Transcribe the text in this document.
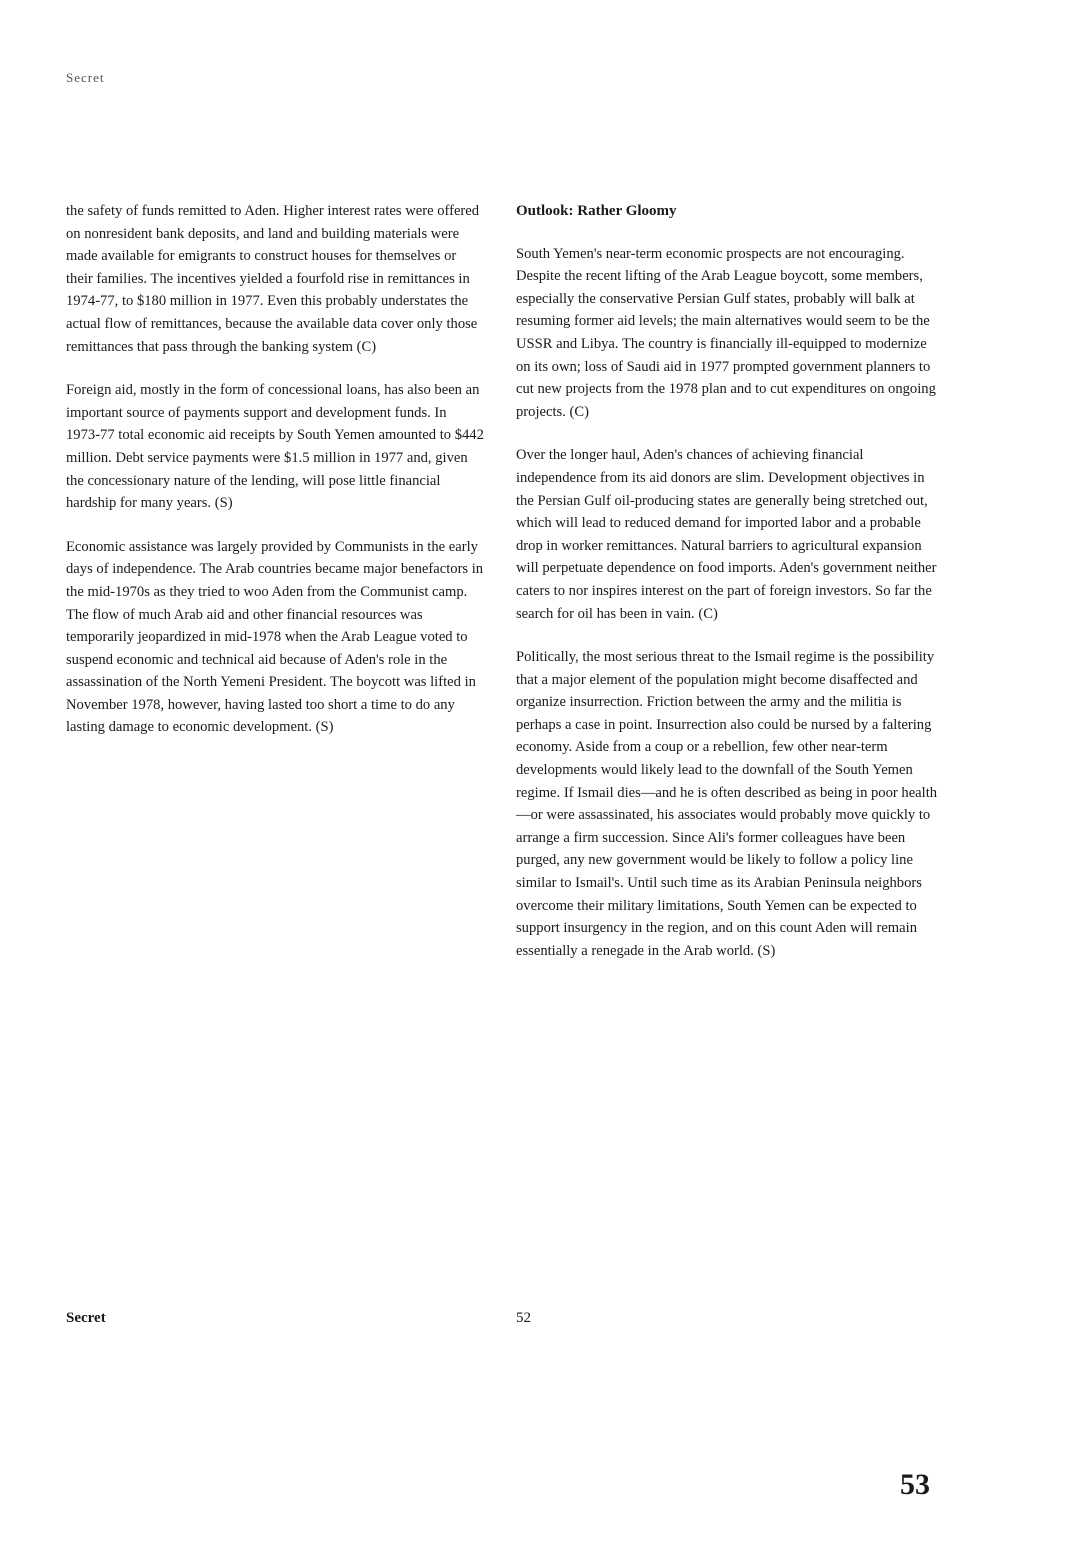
Secret

the safety of funds remitted to Aden. Higher interest rates were offered on nonresident bank deposits, and land and building materials were made available for emigrants to construct houses for themselves or their families. The incentives yielded a fourfold rise in remittances in 1974-77, to $180 million in 1977. Even this probably understates the actual flow of remittances, because the available data cover only those remittances that pass through the banking system (C)

Foreign aid, mostly in the form of concessional loans, has also been an important source of payments support and development funds. In 1973-77 total economic aid receipts by South Yemen amounted to $442 million. Debt service payments were $1.5 million in 1977 and, given the concessionary nature of the lending, will pose little financial hardship for many years. (S)

Economic assistance was largely provided by Communists in the early days of independence. The Arab countries became major benefactors in the mid-1970s as they tried to woo Aden from the Communist camp. The flow of much Arab aid and other financial resources was temporarily jeopardized in mid-1978 when the Arab League voted to suspend economic and technical aid because of Aden's role in the assassination of the North Yemeni President. The boycott was lifted in November 1978, however, having lasted too short a time to do any lasting damage to economic development. (S)

Outlook: Rather Gloomy

South Yemen's near-term economic prospects are not encouraging. Despite the recent lifting of the Arab League boycott, some members, especially the conservative Persian Gulf states, probably will balk at resuming former aid levels; the main alternatives would seem to be the USSR and Libya. The country is financially ill-equipped to modernize on its own; loss of Saudi aid in 1977 prompted government planners to cut new projects from the 1978 plan and to cut expenditures on ongoing projects. (C)

Over the longer haul, Aden's chances of achieving financial independence from its aid donors are slim. Development objectives in the Persian Gulf oil-producing states are generally being stretched out, which will lead to reduced demand for imported labor and a probable drop in worker remittances. Natural barriers to agricultural expansion will perpetuate dependence on food imports. Aden's government neither caters to nor inspires interest on the part of foreign investors. So far the search for oil has been in vain. (C)

Politically, the most serious threat to the Ismail regime is the possibility that a major element of the population might become disaffected and organize insurrection. Friction between the army and the militia is perhaps a case in point. Insurrection also could be nursed by a faltering economy. Aside from a coup or a rebellion, few other near-term developments would likely lead to the downfall of the South Yemen regime. If Ismail dies—and he is often described as being in poor health—or were assassinated, his associates would probably move quickly to arrange a firm succession. Since Ali's former colleagues have been purged, any new government would be likely to follow a policy line similar to Ismail's. Until such time as its Arabian Peninsula neighbors overcome their military limitations, South Yemen can be expected to support insurgency in the region, and on this count Aden will remain essentially a renegade in the Arab world. (S)

Secret	52
53
